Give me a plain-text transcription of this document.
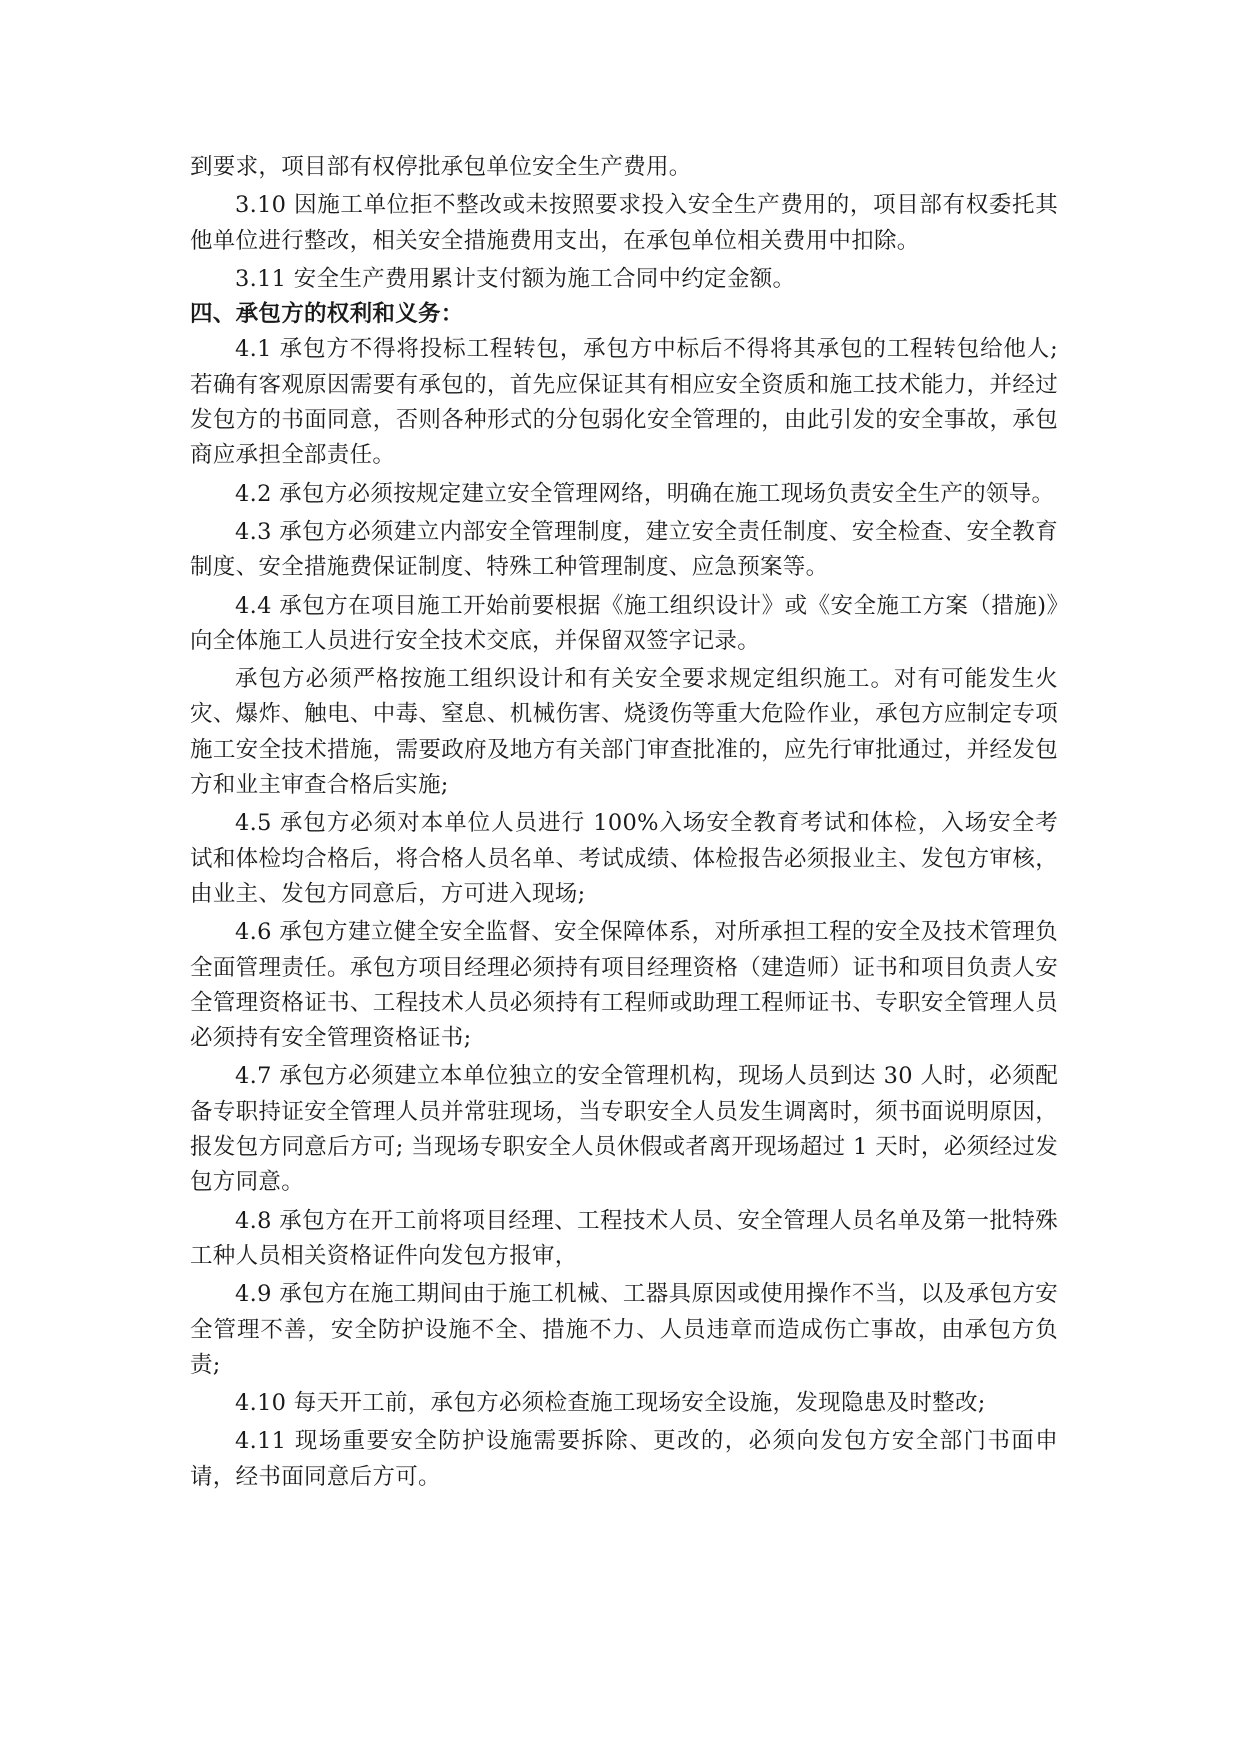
到要求，项目部有权停批承包单位安全生产费用。

3.10 因施工单位拒不整改或未按照要求投入安全生产费用的，项目部有权委托其他单位进行整改，相关安全措施费用支出，在承包单位相关费用中扣除。

3.11 安全生产费用累计支付额为施工合同中约定金额。

四、承包方的权利和义务：

4.1 承包方不得将投标工程转包，承包方中标后不得将其承包的工程转包给他人;若确有客观原因需要有承包的，首先应保证其有相应安全资质和施工技术能力，并经过发包方的书面同意，否则各种形式的分包弱化安全管理的，由此引发的安全事故，承包商应承担全部责任。

4.2 承包方必须按规定建立安全管理网络，明确在施工现场负责安全生产的领导。

4.3 承包方必须建立内部安全管理制度，建立安全责任制度、安全检查、安全教育制度、安全措施费保证制度、特殊工种管理制度、应急预案等。

4.4 承包方在项目施工开始前要根据《施工组织设计》或《安全施工方案（措施)》向全体施工人员进行安全技术交底，并保留双签字记录。

承包方必须严格按施工组织设计和有关安全要求规定组织施工。对有可能发生火灾、爆炸、触电、中毒、窒息、机械伤害、烧烫伤等重大危险作业，承包方应制定专项施工安全技术措施，需要政府及地方有关部门审查批准的，应先行审批通过，并经发包方和业主审查合格后实施;

4.5 承包方必须对本单位人员进行 100%入场安全教育考试和体检，入场安全考试和体检均合格后，将合格人员名单、考试成绩、体检报告必须报业主、发包方审核，由业主、发包方同意后，方可进入现场;

4.6 承包方建立健全安全监督、安全保障体系，对所承担工程的安全及技术管理负全面管理责任。承包方项目经理必须持有项目经理资格（建造师）证书和项目负责人安全管理资格证书、工程技术人员必须持有工程师或助理工程师证书、专职安全管理人员必须持有安全管理资格证书;

4.7 承包方必须建立本单位独立的安全管理机构，现场人员到达 30 人时，必须配备专职持证安全管理人员并常驻现场，当专职安全人员发生调离时，须书面说明原因，报发包方同意后方可; 当现场专职安全人员休假或者离开现场超过 1 天时，必须经过发包方同意。

4.8 承包方在开工前将项目经理、工程技术人员、安全管理人员名单及第一批特殊工种人员相关资格证件向发包方报审，

4.9 承包方在施工期间由于施工机械、工器具原因或使用操作不当，以及承包方安全管理不善，安全防护设施不全、措施不力、人员违章而造成伤亡事故，由承包方负责;

4.10 每天开工前，承包方必须检查施工现场安全设施，发现隐患及时整改;

4.11 现场重要安全防护设施需要拆除、更改的，必须向发包方安全部门书面申请，经书面同意后方可。
